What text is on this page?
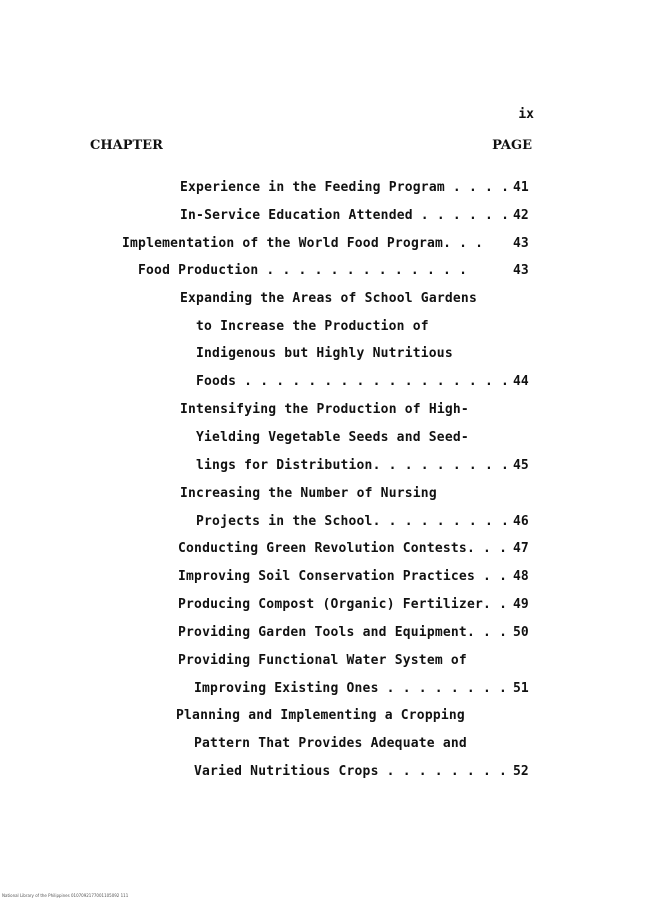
ix
CHAPTER	PAGE
Experience in the Feeding Program . . . . 41
In-Service Education Attended . . . . . . 42
Implementation of the World Food Program. . . 43
Food Production . . . . . . . . . . . . .	43
Expanding the Areas of School Gardens
to Increase the Production of
Indigenous but Highly Nutritious
Foods . . . . . . . . . . . . . . . . . 44
Intensifying the Production of High-
Yielding Vegetable Seeds and Seed-
lings for Distribution. . . . . . . . . 45
Increasing the Number of Nursing
Projects in the School. . . . . . . . . 46
Conducting Green Revolution Contests. . . 47
Improving Soil Conservation Practices . . 48
Producing Compost (Organic) Fertilizer. . 49
Providing Garden Tools and Equipment. . . 50
Providing Functional Water System of
Improving Existing Ones . . . . . . . . 51
Planning and Implementing a Cropping
Pattern That Provides Adequate and
Varied Nutritious Crops . . . . . . . . 52
National Library of the Philippines 0107092177001105092 111
